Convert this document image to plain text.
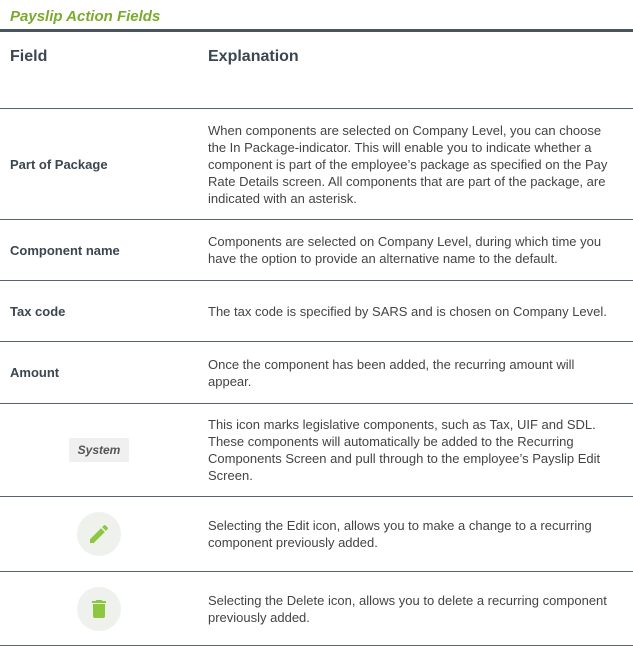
Payslip Action Fields
Field	Explanation
Part of Package	When components are selected on Company Level, you can choose the In Package-indicator. This will enable you to indicate whether a component is part of the employee’s package as specified on the Pay Rate Details screen. All components that are part of the package, are indicated with an asterisk.
Component name	Components are selected on Company Level, during which time you have the option to provide an alternative name to the default.
Tax code	The tax code is specified by SARS and is chosen on Company Level.
Amount	Once the component has been added, the recurring amount will appear.
System	This icon marks legislative components, such as Tax, UIF and SDL. These components will automatically be added to the Recurring Components Screen and pull through to the employee’s Payslip Edit Screen.

	Selecting the Edit icon, allows you to make a change to a recurring component previously added.

	Selecting the Delete icon, allows you to delete a recurring component previously added.
